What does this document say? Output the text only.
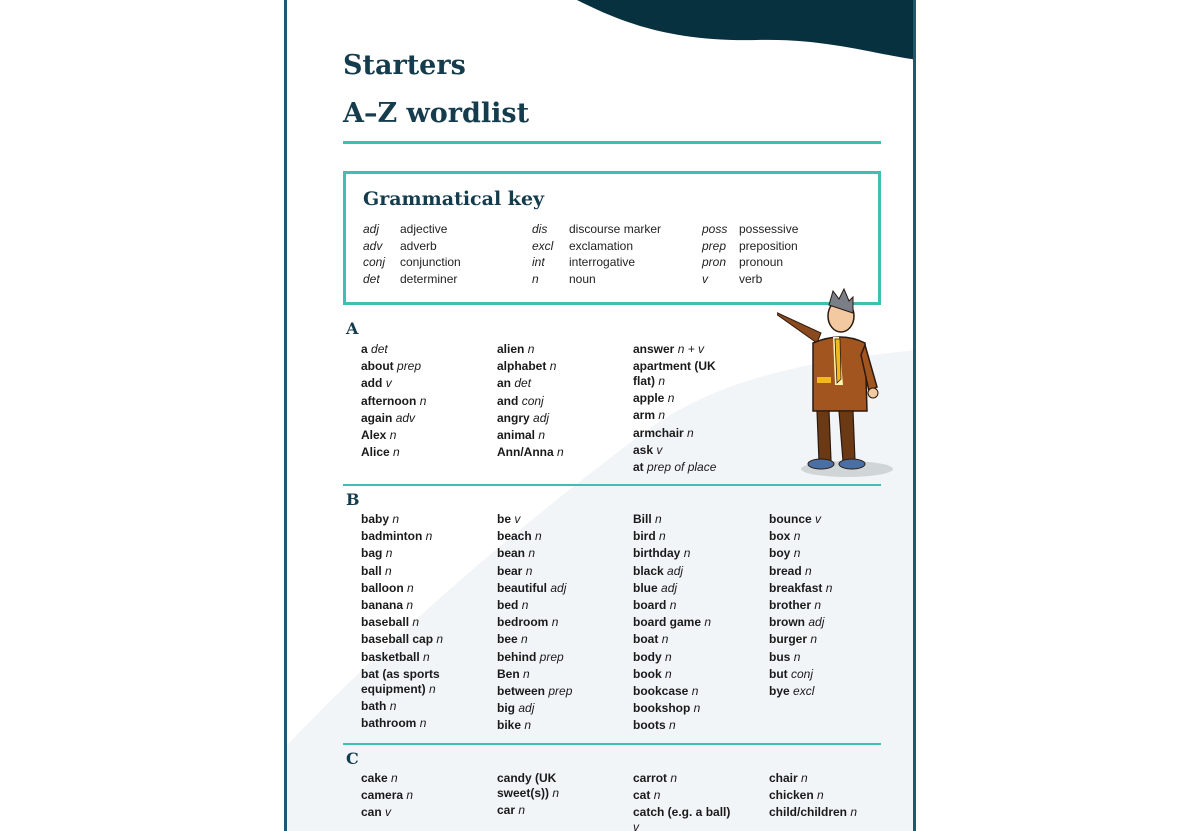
Starters
A–Z wordlist
Grammatical key
adj adjective
adv adverb
conj conjunction
det determiner
dis discourse marker
excl exclamation
int interrogative
n	noun
poss possessive
prep preposition
pron pronoun
v	verb
A
a det
about prep
add v
afternoon n
again adv
Alex n
Alice n
alien n
alphabet n
an det
and conj
angry adj
animal n
Ann/Anna n
answer n + v
apartment (UK flat) n
apple n
arm n
armchair n
ask v
at prep of place
B
baby n
badminton n
bag n
ball n
balloon n
banana n
baseball n
baseball cap n
basketball n
bat (as sports equipment) n
bath n
bathroom n
be v
beach n
bean n
bear n
beautiful adj
bed n
bedroom n
bee n
behind prep
Ben n
between prep
big adj
bike n
Bill n
bird n
birthday n
black adj
blue adj
board n
board game n
boat n
body n
book n
bookcase n
bookshop n
boots n
bounce v
box n
boy n
bread n
breakfast n
brother n
brown adj
burger n
bus n
but conj
bye excl
C
cake n
camera n
can v
candy (UK sweet(s)) n
car n
carrot n
cat n
catch (e.g. a ball) v
chair n
chicken n
child/children n
